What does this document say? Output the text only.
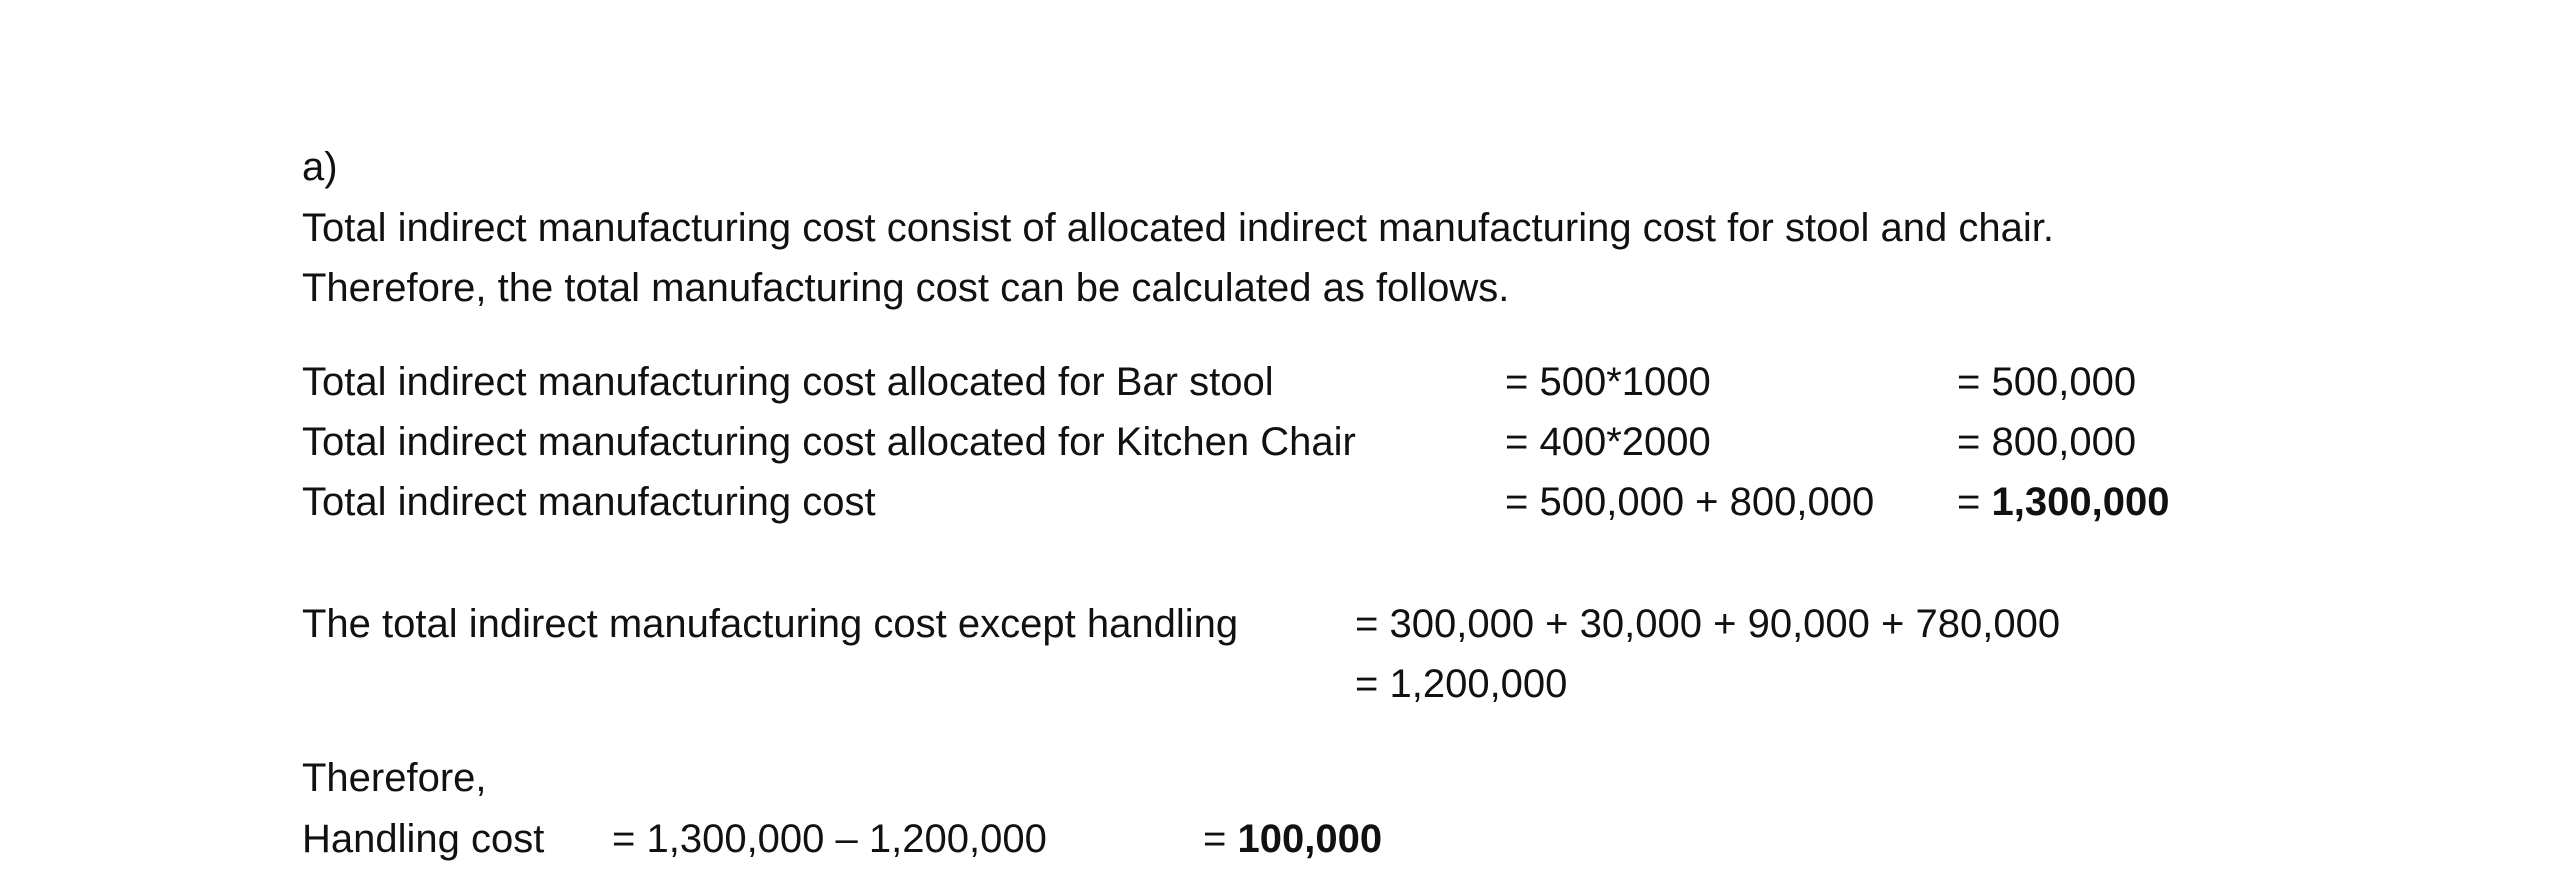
a)
Total indirect manufacturing cost consist of allocated indirect manufacturing cost for stool and chair.
Therefore, the total manufacturing cost can be calculated as follows.
Total indirect manufacturing cost allocated for Bar stool	= 500*1000	= 500,000
Total indirect manufacturing cost allocated for Kitchen Chair	= 400*2000	= 800,000
Total indirect manufacturing cost	= 500,000 + 800,000 = 1,300,000
The total indirect manufacturing cost except handling	= 300,000 + 30,000 + 90,000 + 780,000
= 1,200,000
Therefore,
Handling cost = 1,300,000 – 1,200,000	= 100,000
